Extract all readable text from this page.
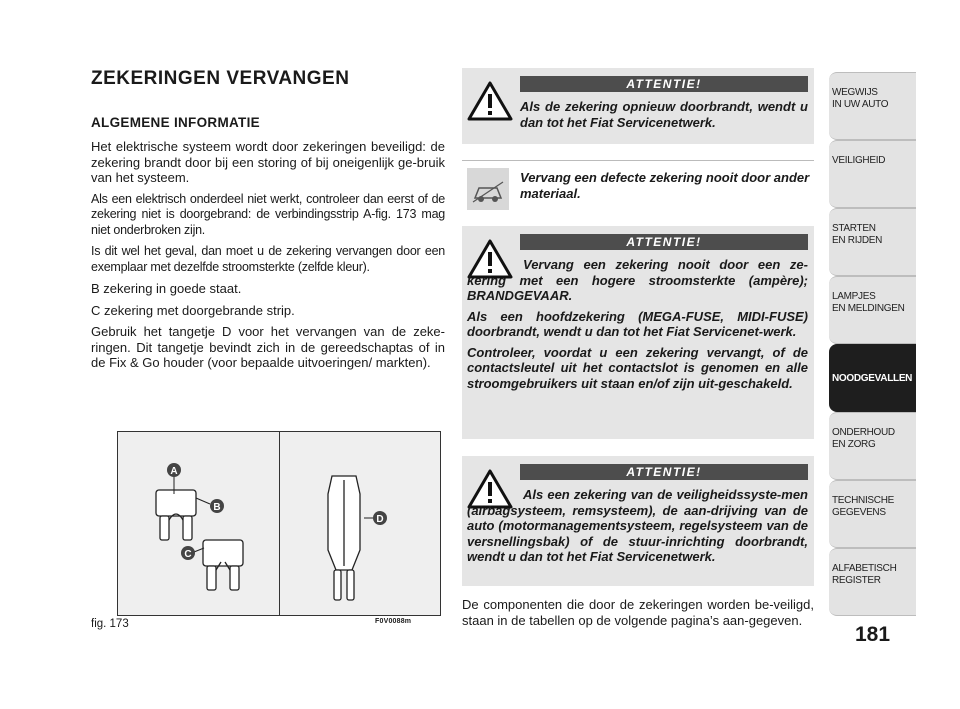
ZEKERINGEN VERVANGEN
ALGEMENE INFORMATIE

Het elektrische systeem wordt door zekeringen beveiligd: de zekering brandt door bij een storing of bij oneigenlijk ge-bruik van het systeem.

Als een elektrisch onderdeel niet werkt, controleer dan eerst of de zekering niet is doorgebrand: de verbindingsstrip A-fig. 173 mag niet onderbroken zijn.

Is dit wel het geval, dan moet u de zekering vervangen door een exemplaar met dezelfde stroomsterkte (zelfde kleur).

B zekering in goede staat.

C zekering met doorgebrande strip.

Gebruik het tangetje D voor het vervangen van de zeke-ringen. Dit tangetje bevindt zich in de gereedschaptas of in de Fix & Go houder (voor bepaalde uitvoeringen/ markten).

A
B
C
D
fig. 173	F0V0088m
ATTENTIE!

Als de zekering opnieuw doorbrandt, wendt u dan tot het Fiat Servicenetwerk.

Vervang een defecte zekering nooit door ander materiaal.
ATTENTIE!

Vervang een zekering nooit door een ze-kering met een hogere stroomsterkte (ampère); BRANDGEVAAR.

Als een hoofdzekering (MEGA-FUSE, MIDI-FUSE) doorbrandt, wendt u dan tot het Fiat Servicenet-werk.

Controleer, voordat u een zekering vervangt, of de contactsleutel uit het contactslot is genomen en alle stroomgebruikers uit staan en/of zijn uit-geschakeld.

ATTENTIE!

Als een zekering van de veiligheidssyste-men (airbagsysteem, remsysteem), de aan-drijving van de auto (motormanagementsysteem, regelsysteem van de versnellingsbak) of de stuur-inrichting doorbrandt, wendt u dan tot het Fiat Servicenetwerk.

De componenten die door de zekeringen worden be-veiligd, staan in de tabellen op de volgende pagina’s aan-gegeven.
WEGWIJS
IN UW AUTO
VEILIGHEID
STARTEN
EN RIJDEN
LAMPJES
EN MELDINGEN
NOODGEVALLEN
ONDERHOUD
EN ZORG
TECHNISCHE
GEGEVENS
ALFABETISCH
REGISTER
181
